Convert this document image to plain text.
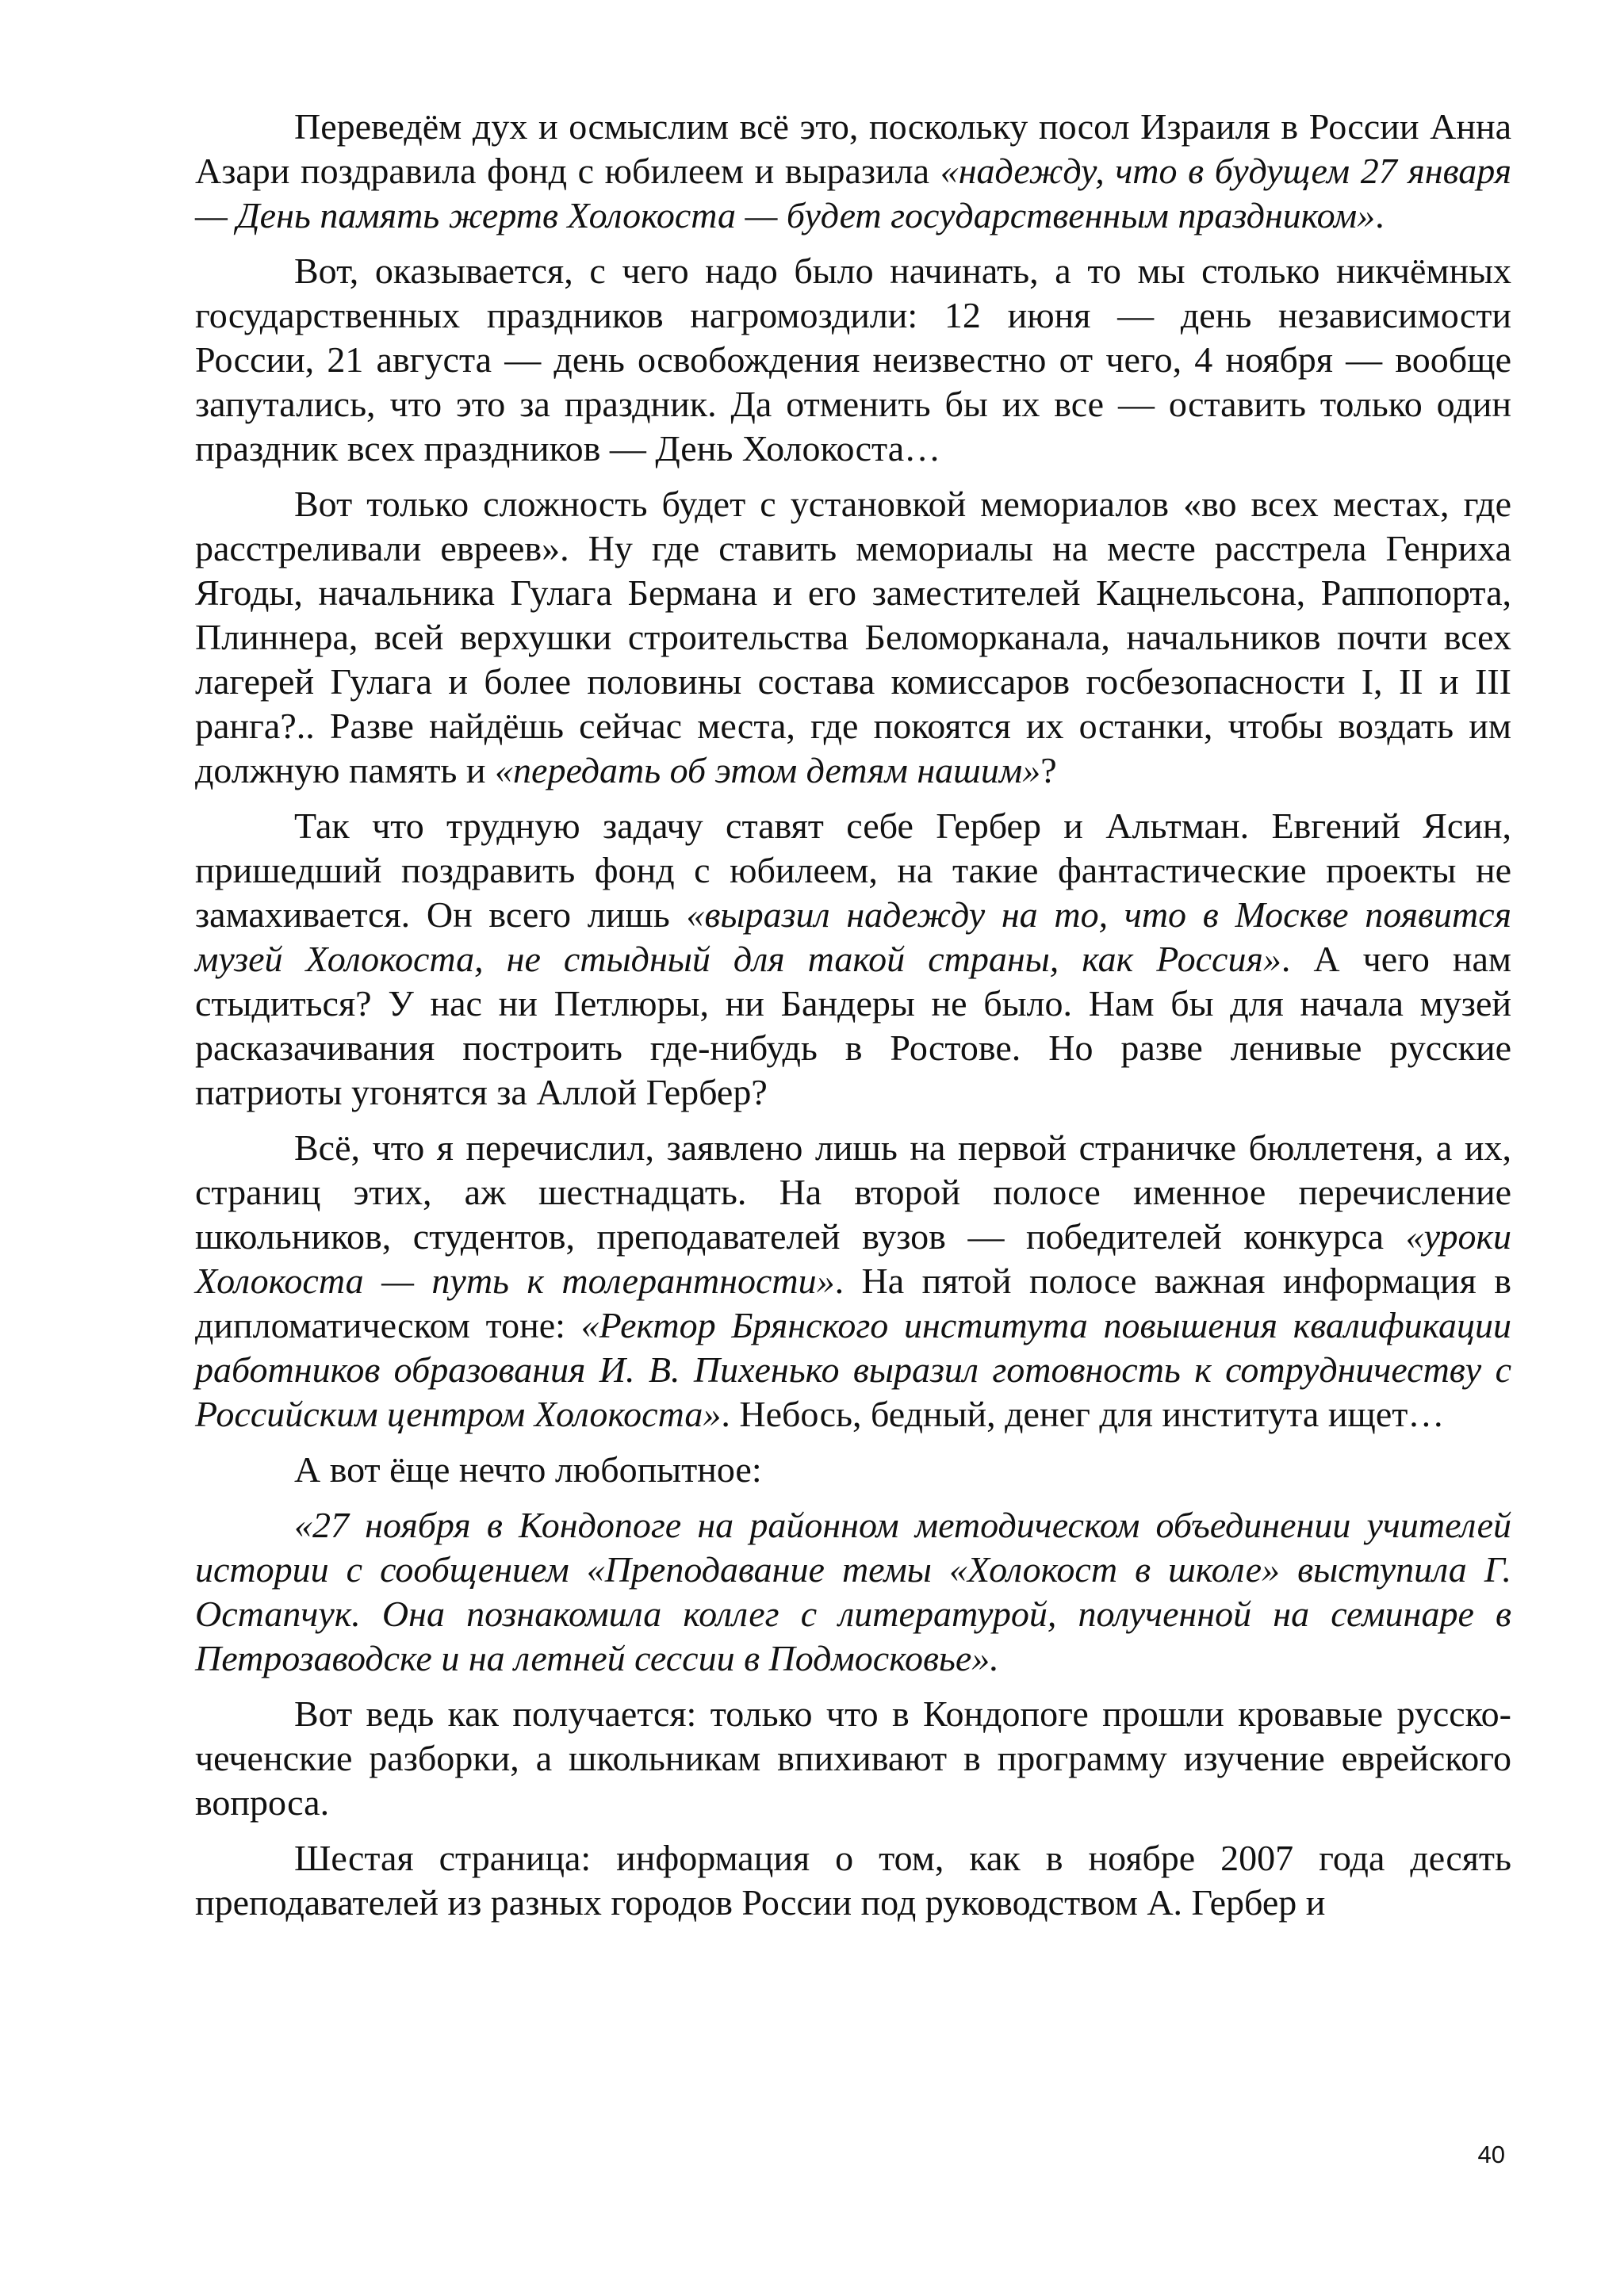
Переведём дух и осмыслим всё это, поскольку посол Израиля в России Анна Азари поздравила фонд с юбилеем и выразила «надежду, что в будущем 27 января — День память жертв Холокоста — будет государственным праздником».

Вот, оказывается, с чего надо было начинать, а то мы столько никчёмных государственных праздников нагромоздили: 12 июня — день независимости России, 21 августа — день освобождения неизвестно от чего, 4 ноября — вообще запутались, что это за праздник. Да отменить бы их все — оставить только один праздник всех праздников — День Холокоста…

Вот только сложность будет с установкой мемориалов «во всех местах, где расстреливали евреев». Ну где ставить мемориалы на месте расстрела Генриха Ягоды, начальника Гулага Бермана и его заместителей Кацнельсона, Раппопорта, Плиннера, всей верхушки строительства Беломорканала, начальников почти всех лагерей Гулага и более половины состава комиссаров госбезопасности I, II и III ранга?.. Разве найдёшь сейчас места, где покоятся их останки, чтобы воздать им должную память и «передать об этом детям нашим»?

Так что трудную задачу ставят себе Гербер и Альтман. Евгений Ясин, пришедший поздравить фонд с юбилеем, на такие фантастические проекты не замахивается. Он всего лишь «выразил надежду на то, что в Москве появится музей Холокоста, не стыдный для такой страны, как Россия». А чего нам стыдиться? У нас ни Петлюры, ни Бандеры не было. Нам бы для начала музей расказачивания построить где-нибудь в Ростове. Но разве ленивые русские патриоты угонятся за Аллой Гербер?

Всё, что я перечислил, заявлено лишь на первой страничке бюллетеня, а их, страниц этих, аж шестнадцать. На второй полосе именное перечисление школьников, студентов, преподавателей вузов — победителей конкурса «уроки Холокоста — путь к толерантности». На пятой полосе важная информация в дипломатическом тоне: «Ректор Брянского института повышения квалификации работников образования И. В. Пихенько выразил готовность к сотрудничеству с Российским центром Холокоста». Небось, бедный, денег для института ищет…

А вот ёще нечто любопытное:

«27 ноября в Кондопоге на районном методическом объединении учителей истории с сообщением «Преподавание темы «Холокост в школе» выступила Г. Остапчук. Она познакомила коллег с литературой, полученной на семинаре в Петрозаводске и на летней сессии в Подмосковье».

Вот ведь как получается: только что в Кондопоге прошли кровавые русско-чеченские разборки, а школьникам впихивают в программу изучение еврейского вопроса.

Шестая страница: информация о том, как в ноябре 2007 года десять преподавателей из разных городов России под руководством А. Гербер и

40
